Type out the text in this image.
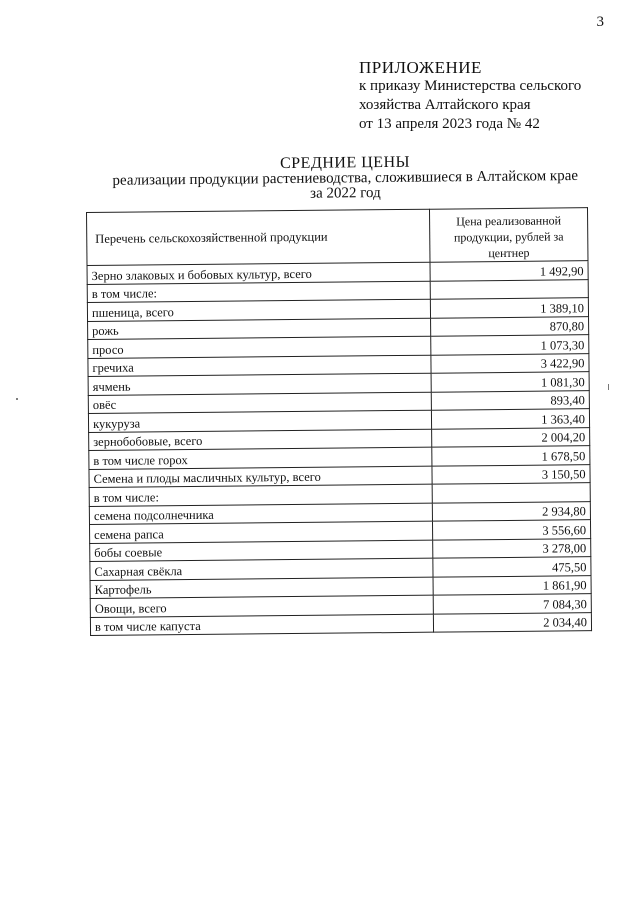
3
ПРИЛОЖЕНИЕ
к приказу Министерства сельского
хозяйства Алтайского края
от 13 апреля 2023 года № 42
СРЕДНИЕ ЦЕНЫ
реализации продукции растениеводства, сложившиеся в Алтайском крае
за 2022 год
Перечень сельскохозяйственной продукции	Цена реализованной продукции, рублей за центнер
Зерно злаковых и бобовых культур, всего	1 492,90
в том числе:	
пшеница, всего	1 389,10
рожь	870,80
просо	1 073,30
гречиха	3 422,90
ячмень	1 081,30
овёс	893,40
кукуруза	1 363,40
зернобобовые, всего	2 004,20
в том числе горох	1 678,50
Семена и плоды масличных культур, всего	3 150,50
в том числе:	
семена подсолнечника	2 934,80
семена рапса	3 556,60
бобы соевые	3 278,00
Сахарная свёкла	475,50
Картофель	1 861,90
Овощи, всего	7 084,30
в том числе капуста	2 034,40
